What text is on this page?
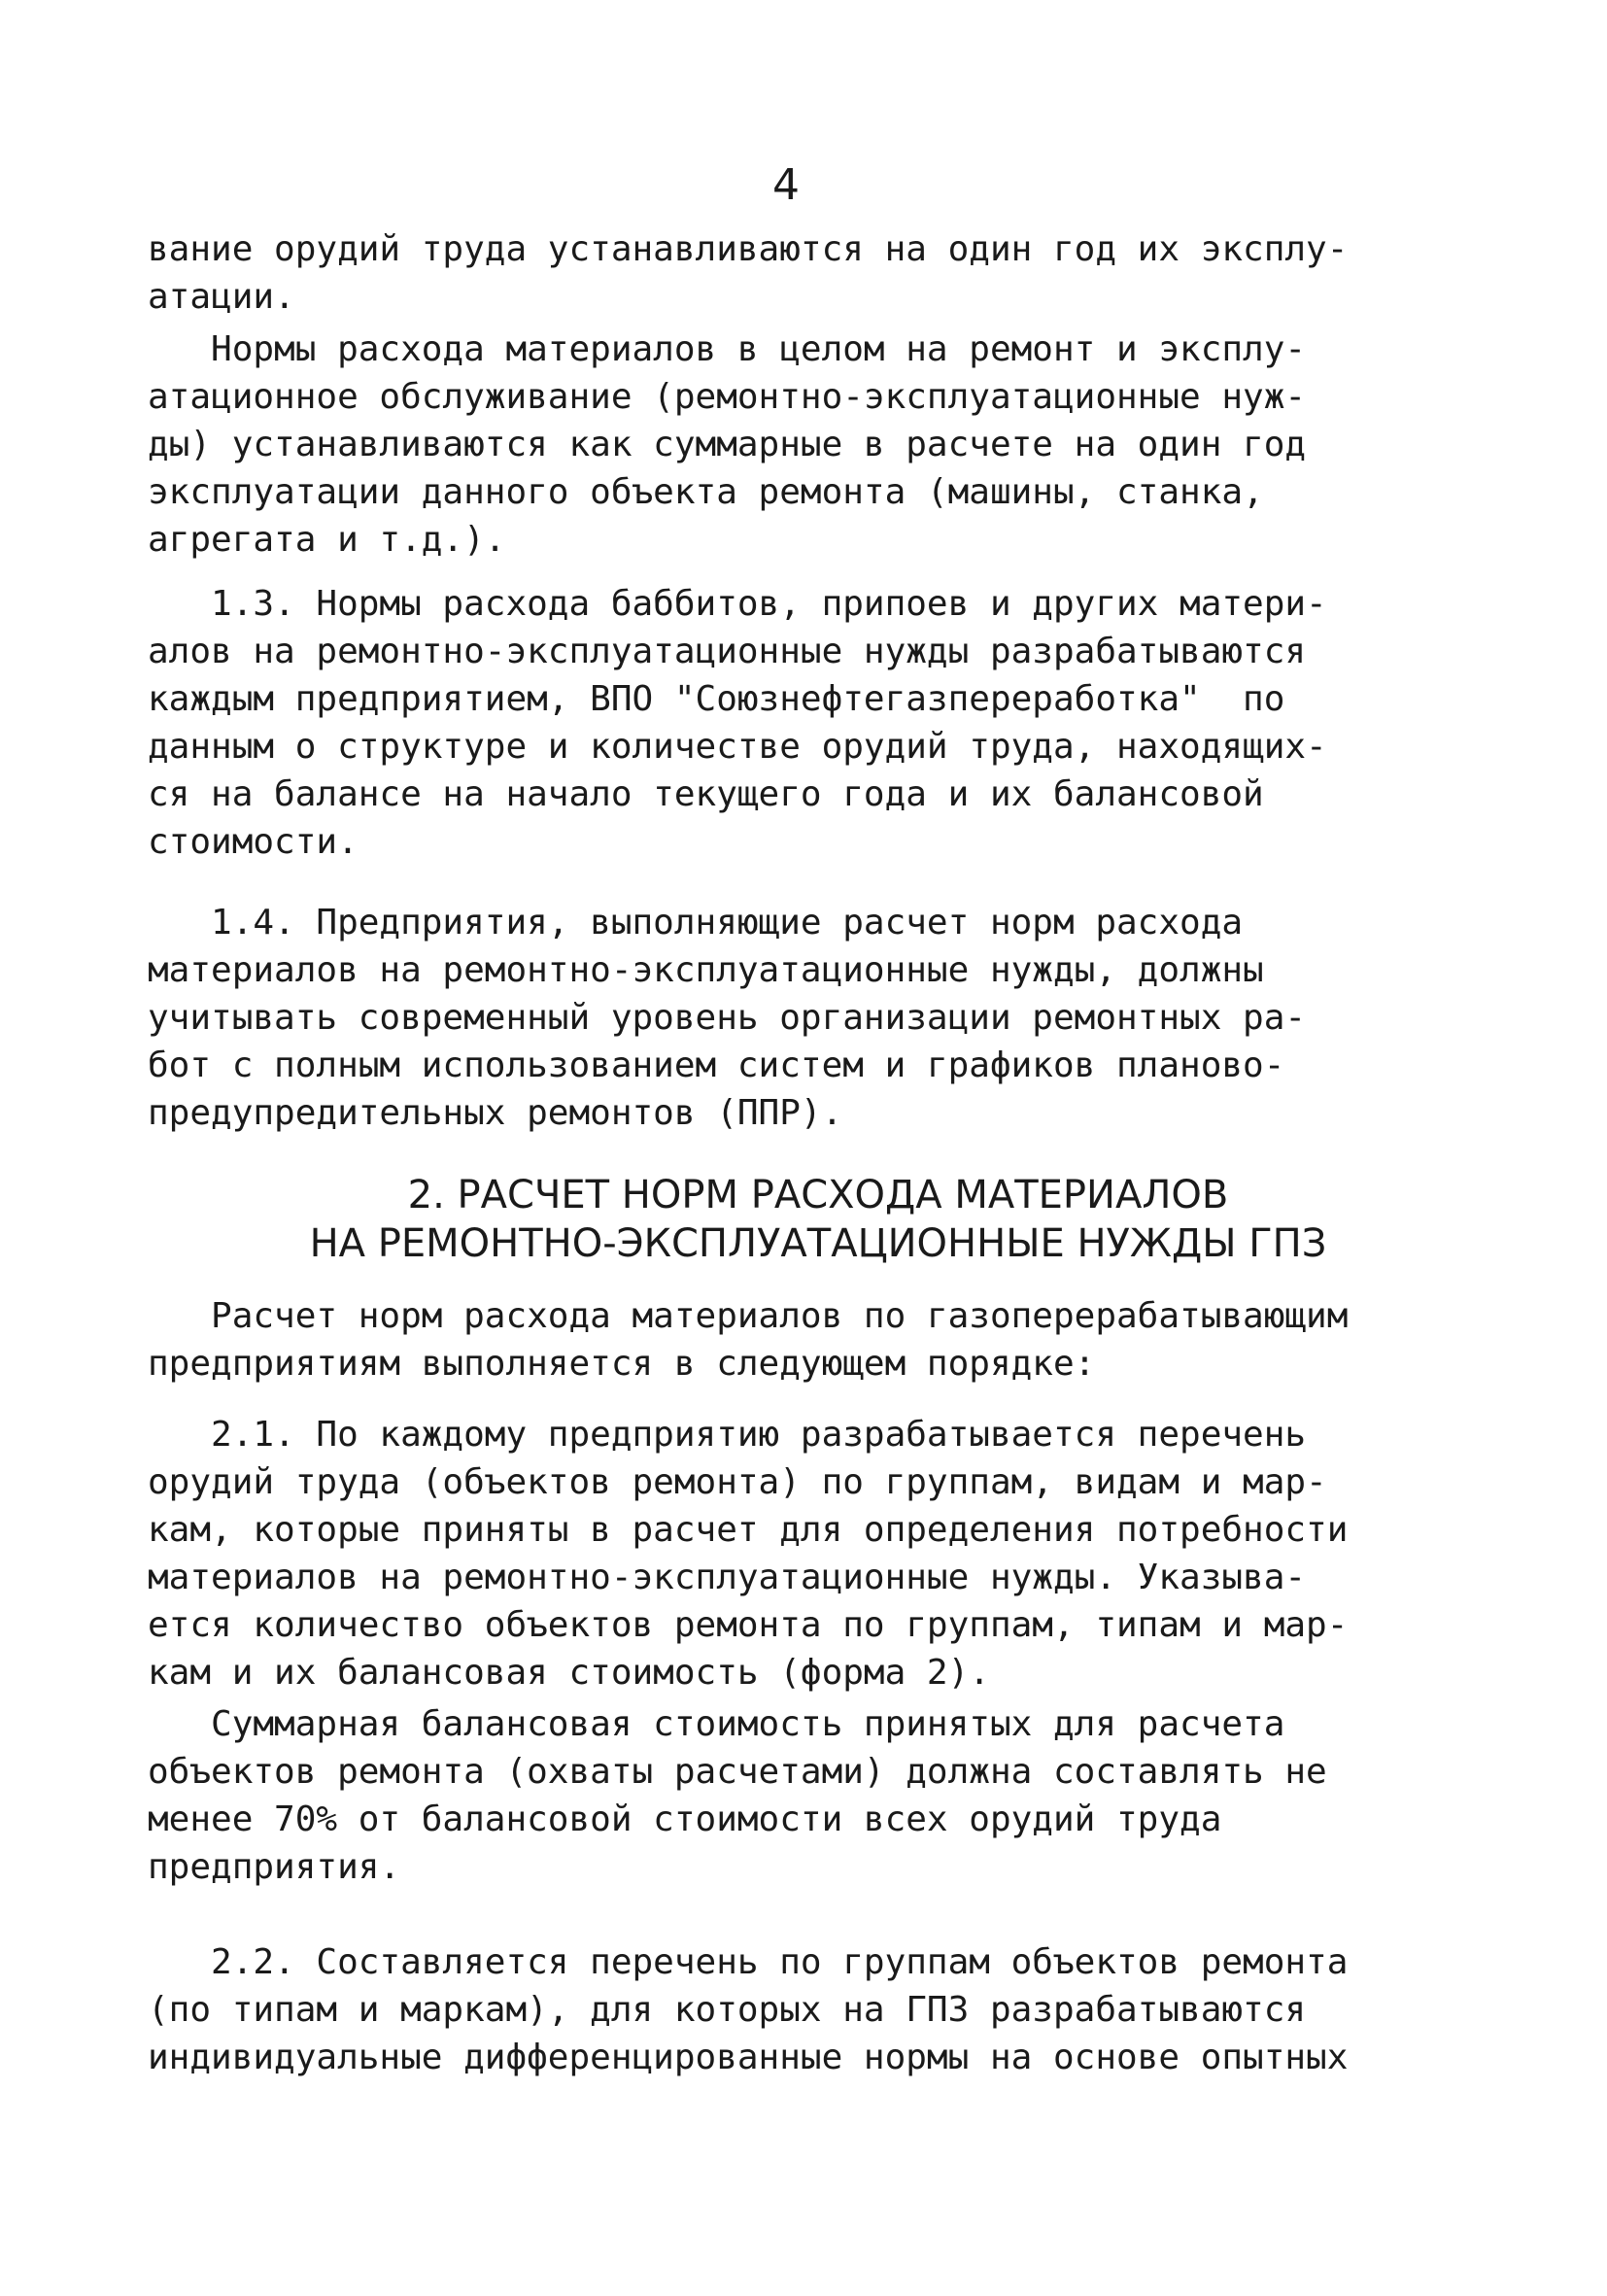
4
вание орудий труда устанавливаются на один год их эксплу-
атации.
Нормы расхода материалов в целом на ремонт и эксплу-
атационное обслуживание (ремонтно-эксплуатационные нуж-
ды) устанавливаются как суммарные в расчете на один год
эксплуатации данного объекта ремонта (машины, станка,
агрегата и т.д.).
1.3. Нормы расхода баббитов, припоев и других матери-
алов на ремонтно-эксплуатационные нужды разрабатываются
каждым предприятием, ВПО "Союзнефтегазпереработка"  по
данным о структуре и количестве орудий труда, находящих-
ся на балансе на начало текущего года и их балансовой
стоимости.
1.4. Предприятия, выполняющие расчет норм расхода
материалов на ремонтно-эксплуатационные нужды, должны
учитывать современный уровень организации ремонтных ра-
бот с полным использованием систем и графиков планово-
предупредительных ремонтов (ППР).
2. РАСЧЕТ НОРМ РАСХОДА МАТЕРИАЛОВ
НА РЕМОНТНО-ЭКСПЛУАТАЦИОННЫЕ НУЖДЫ ГПЗ
Расчет норм расхода материалов по газоперерабатывающим
предприятиям выполняется в следующем порядке:
2.1. По каждому предприятию разрабатывается перечень
орудий труда (объектов ремонта) по группам, видам и мар-
кам, которые приняты в расчет для определения потребности
материалов на ремонтно-эксплуатационные нужды. Указыва-
ется количество объектов ремонта по группам, типам и мар-
кам и их балансовая стоимость (форма 2).
Суммарная балансовая стоимость принятых для расчета
объектов ремонта (охваты расчетами) должна составлять не
менее 70% от балансовой стоимости всех орудий труда
предприятия.
2.2. Составляется перечень по группам объектов ремонта
(по типам и маркам), для которых на ГПЗ разрабатываются
индивидуальные дифференцированные нормы на основе опытных
